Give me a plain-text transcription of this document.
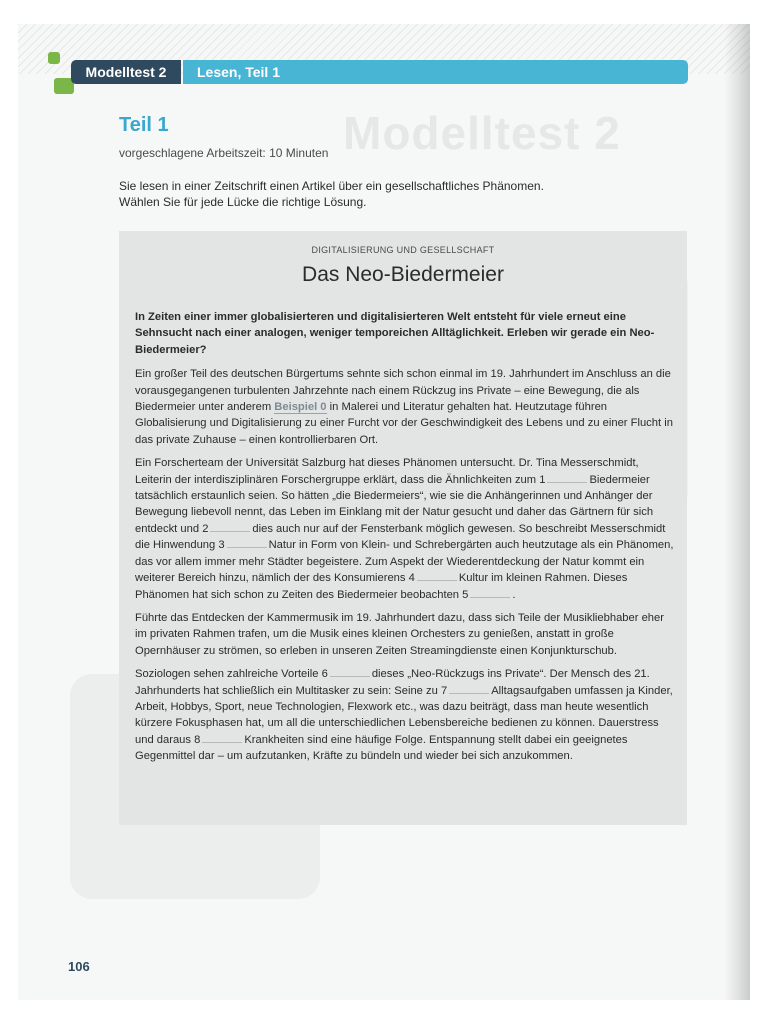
Modelltest 2	Lesen, Teil 1
Modelltest 2
Teil 1
vorgeschlagene Arbeitszeit: 10 Minuten
Sie lesen in einer Zeitschrift einen Artikel über ein gesellschaftliches Phänomen.
Wählen Sie für jede Lücke die richtige Lösung.
DIGITALISIERUNG UND GESELLSCHAFT
Das Neo-Biedermeier

In Zeiten einer immer globalisierteren und digitalisierteren Welt entsteht für viele erneut eine Sehnsucht nach einer analogen, weniger temporeichen Alltäglichkeit. Erleben wir gerade ein Neo-Biedermeier?

Ein großer Teil des deutschen Bürgertums sehnte sich schon einmal im 19. Jahrhundert im Anschluss an die vorausgegangenen turbulenten Jahrzehnte nach einem Rückzug ins Private – eine Bewegung, die als Biedermeier unter anderem Beispiel 0 in Malerei und Literatur gehalten hat. Heutzutage führen Globalisierung und Digitalisierung zu einer Furcht vor der Geschwindigkeit des Lebens und zu einer Flucht in das private Zuhause – einen kontrollierbaren Ort.

Ein Forscherteam der Universität Salzburg hat dieses Phänomen untersucht. Dr. Tina Messerschmidt, Leiterin der interdisziplinären Forschergruppe erklärt, dass die Ähnlichkeiten zum 1	Biedermeier tatsächlich erstaunlich seien. So hätten „die Biedermeiers“, wie sie die Anhängerinnen und Anhänger der Bewegung liebevoll nennt, das Leben im Einklang mit der Natur gesucht und daher das Gärtnern für sich entdeckt und 2	dies auch nur auf der Fensterbank möglich gewesen. So beschreibt Messerschmidt die Hinwendung 3	Natur in Form von Klein- und Schrebergärten auch heutzutage als ein Phänomen, das vor allem immer mehr Städter begeistere. Zum Aspekt der Wiederentdeckung der Natur kommt ein weiterer Bereich hinzu, nämlich der des Konsumierens 4	Kultur im kleinen Rahmen. Dieses Phänomen hat sich schon zu Zeiten des Biedermeier beobachten 5	.

Führte das Entdecken der Kammermusik im 19. Jahrhundert dazu, dass sich Teile der Musikliebhaber eher im privaten Rahmen trafen, um die Musik eines kleinen Orchesters zu genießen, anstatt in große Opernhäuser zu strömen, so erleben in unseren Zeiten Streamingdienste einen Konjunkturschub.

Soziologen sehen zahlreiche Vorteile 6	dieses „Neo-Rückzugs ins Private“. Der Mensch des 21. Jahrhunderts hat schließlich ein Multitasker zu sein: Seine zu 7	Alltagsaufgaben umfassen ja Kinder, Arbeit, Hobbys, Sport, neue Technologien, Flexwork etc., was dazu beiträgt, dass man heute wesentlich kürzere Fokusphasen hat, um all die unterschiedlichen Lebensbereiche bedienen zu können. Dauerstress und daraus 8	Krankheiten sind eine häufige Folge. Entspannung stellt dabei ein geeignetes Gegenmittel dar – um aufzutanken, Kräfte zu bündeln und wieder bei sich anzukommen.

106
